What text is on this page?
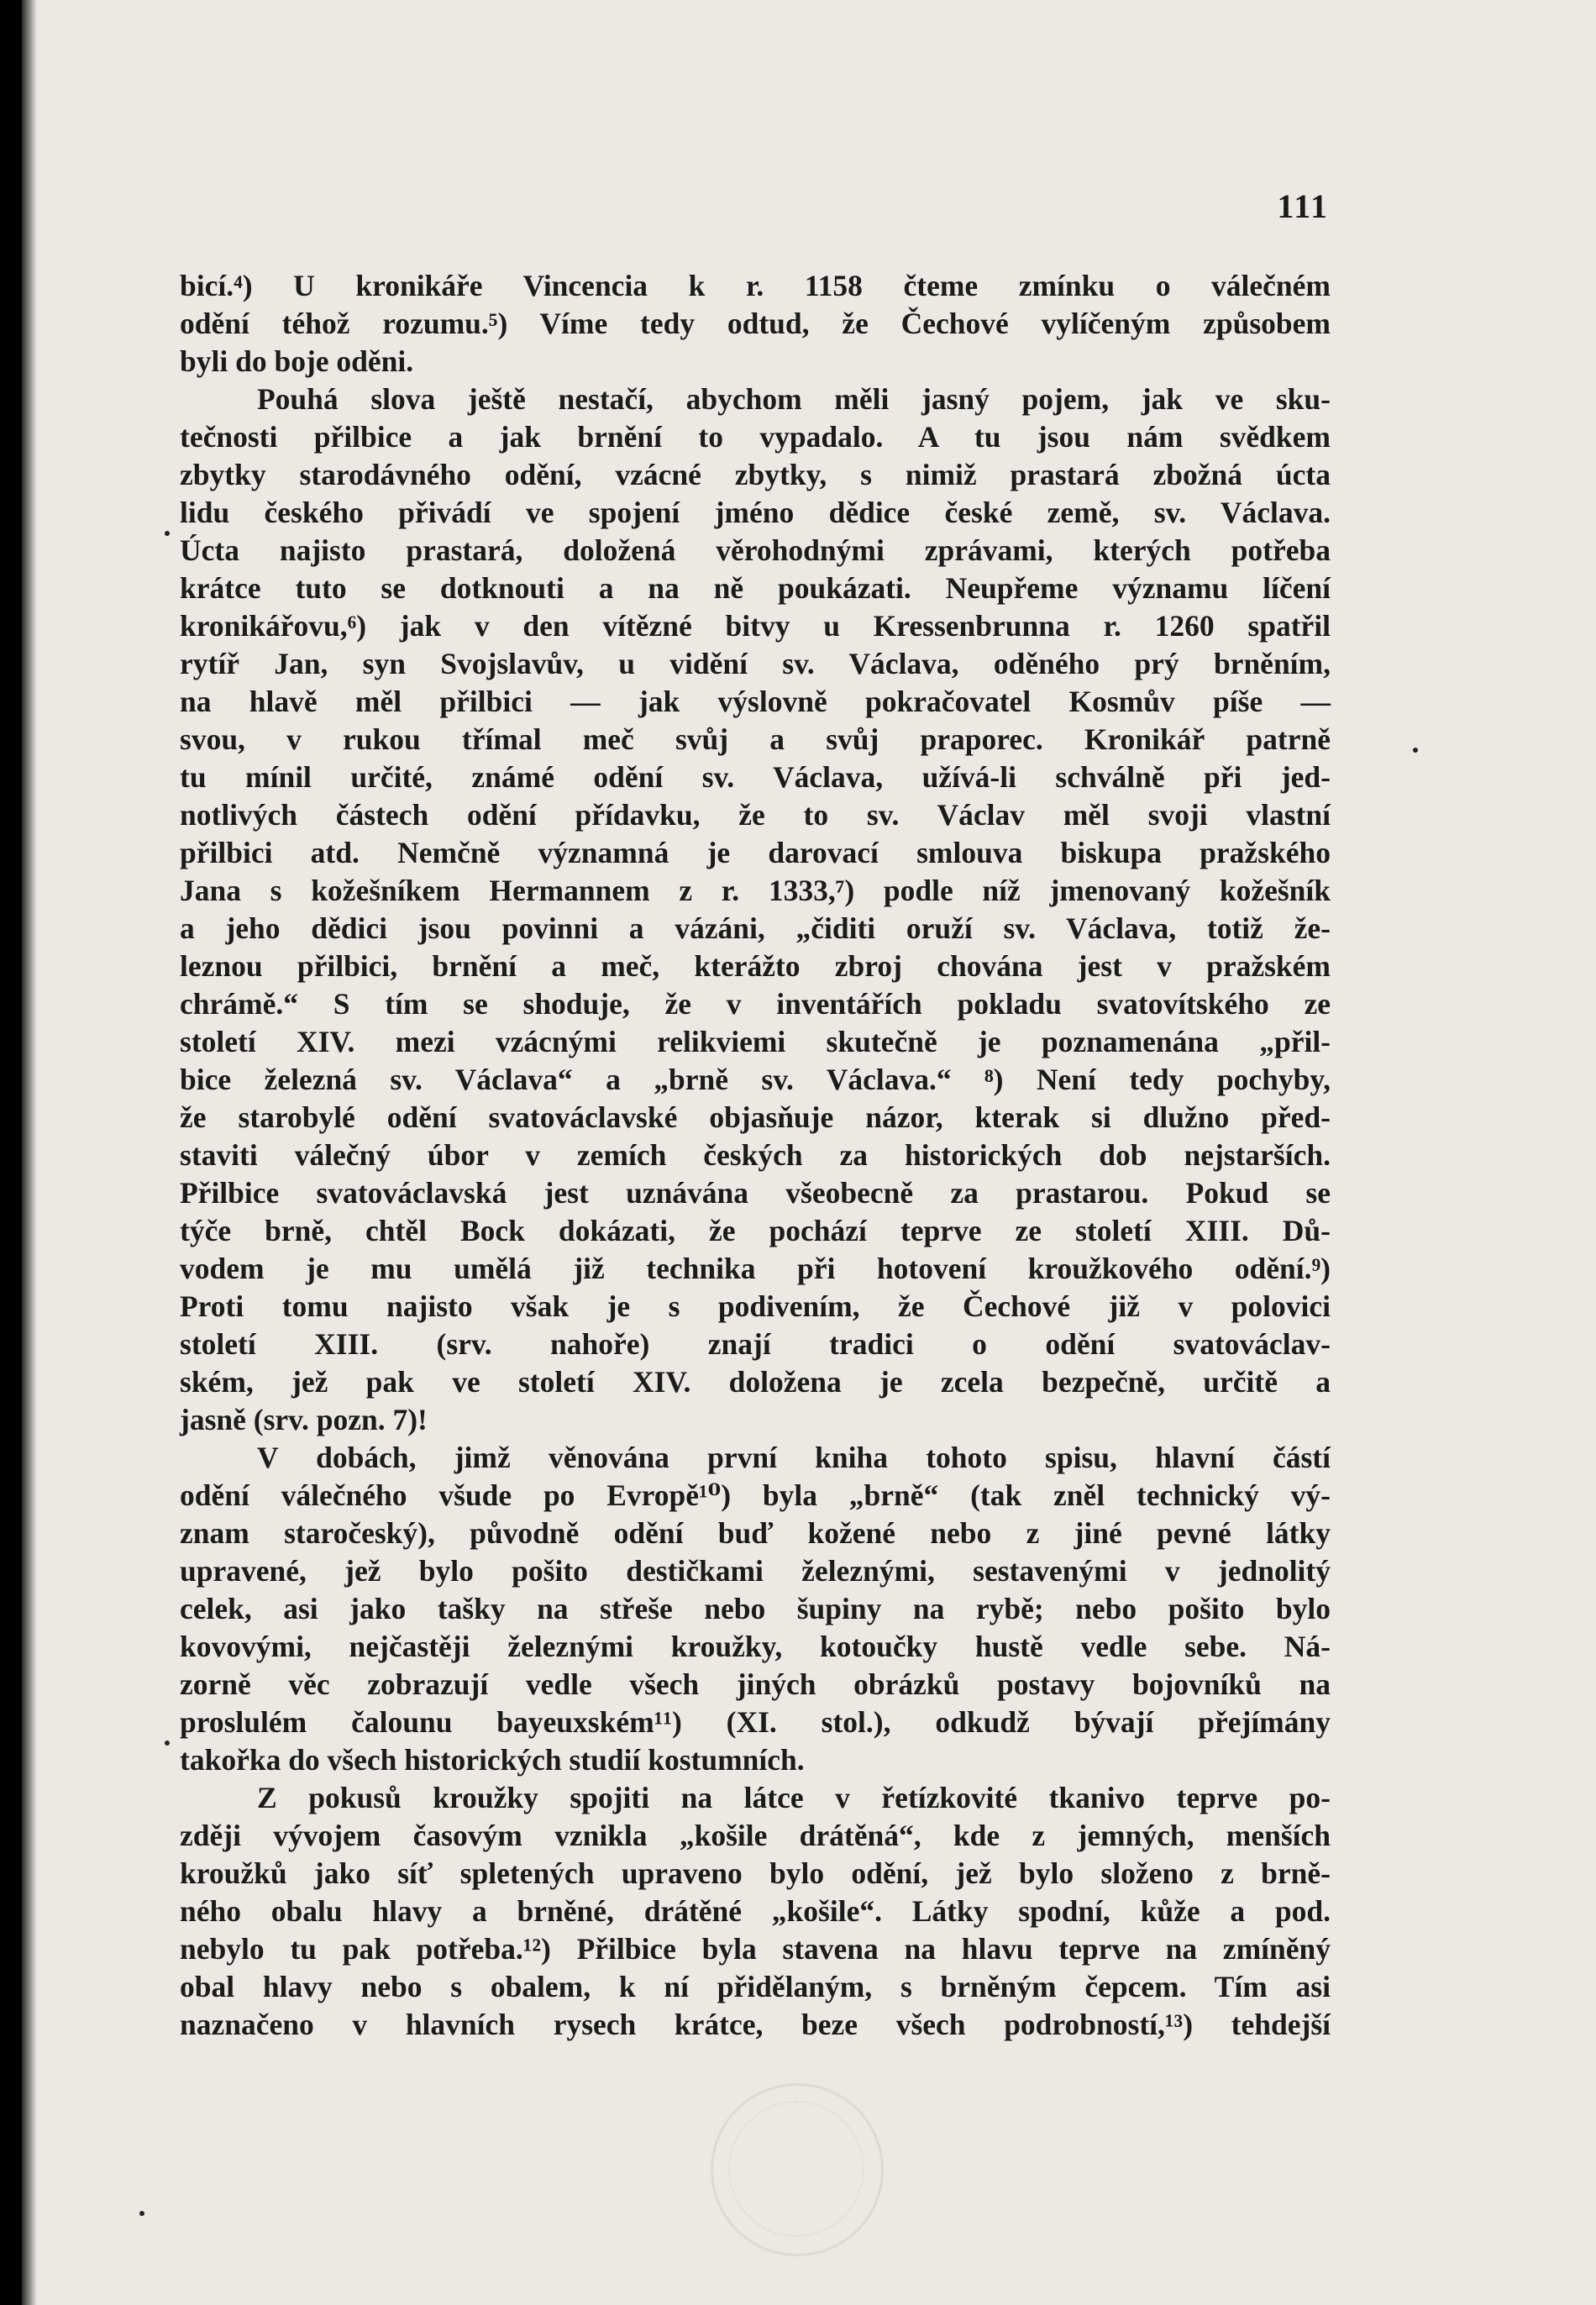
111
bicí.⁴) U kronikáře Vincencia k r. 1158 čteme zmínku o válečném
odění téhož rozumu.⁵) Víme tedy odtud, že Čechové vylíčeným způsobem
byli do boje oděni.
Pouhá slova ještě nestačí, abychom měli jasný pojem, jak ve sku-
tečnosti přilbice a jak brnění to vypadalo. A tu jsou nám svědkem
zbytky starodávného odění, vzácné zbytky, s nimiž prastará zbožná úcta
lidu českého přivádí ve spojení jméno dědice české země, sv. Václava.
Úcta najisto prastará, doložená věrohodnými zprávami, kterých potřeba
krátce tuto se dotknouti a na ně poukázati. Neupřeme významu líčení
kronikářovu,⁶) jak v den vítězné bitvy u Kressenbrunna r. 1260 spatřil
rytíř Jan, syn Svojslavův, u vidění sv. Václava, oděného prý brněním,
na hlavě měl přilbici — jak výslovně pokračovatel Kosmův píše —
svou, v rukou třímal meč svůj a svůj praporec. Kronikář patrně
tu mínil určité, známé odění sv. Václava, užívá-li schválně při jed-
notlivých částech odění přídavku, že to sv. Václav měl svoji vlastní
přilbici atd. Nemčně významná je darovací smlouva biskupa pražského
Jana s kožešníkem Hermannem z r. 1333,⁷) podle níž jmenovaný kožešník
a jeho dědici jsou povinni a vázáni, „čiditi oruží sv. Václava, totiž že-
leznou přilbici, brnění a meč, kterážto zbroj chována jest v pražském
chrámě.“ S tím se shoduje, že v inventářích pokladu svatovítského ze
století XIV. mezi vzácnými relikviemi skutečně je poznamenána „přil-
bice železná sv. Václava“ a „brně sv. Václava.“ ⁸) Není tedy pochyby,
že starobylé odění svatováclavské objasňuje názor, kterak si dlužno před-
staviti válečný úbor v zemích českých za historických dob nejstarších.
Přilbice svatováclavská jest uznávána všeobecně za prastarou. Pokud se
týče brně, chtěl Bock dokázati, že pochází teprve ze století XIII. Dů-
vodem je mu umělá již technika při hotovení kroužkového odění.⁹)
Proti tomu najisto však je s podivením, že Čechové již v polovici
století XIII. (srv. nahoře) znají tradici o odění svatováclav-
ském, jež pak ve století XIV. doložena je zcela bezpečně, určitě a
jasně (srv. pozn. 7)!
V dobách, jimž věnována první kniha tohoto spisu, hlavní částí
odění válečného všude po Evropě¹⁰) byla „brně“ (tak zněl technický vý-
znam staročeský), původně odění buď kožené nebo z jiné pevné látky
upravené, jež bylo pošito destičkami železnými, sestavenými v jednolitý
celek, asi jako tašky na střeše nebo šupiny na rybě; nebo pošito bylo
kovovými, nejčastěji železnými kroužky, kotoučky hustě vedle sebe. Ná-
zorně věc zobrazují vedle všech jiných obrázků postavy bojovníků na
proslulém čalounu bayeuxském¹¹) (XI. stol.), odkudž bývají přejímány
takořka do všech historických studií kostumních.
Z pokusů kroužky spojiti na látce v řetízkovité tkanivo teprve po-
zději vývojem časovým vznikla „košile drátěná“, kde z jemných, menších
kroužků jako síť spletených upraveno bylo odění, jež bylo složeno z brně-
ného obalu hlavy a brněné, drátěné „košile“. Látky spodní, kůže a pod.
nebylo tu pak potřeba.¹²) Přilbice byla stavena na hlavu teprve na zmíněný
obal hlavy nebo s obalem, k ní přidělaným, s brněným čepcem. Tím asi
naznačeno v hlavních rysech krátce, beze všech podrobností,¹³) tehdejší
